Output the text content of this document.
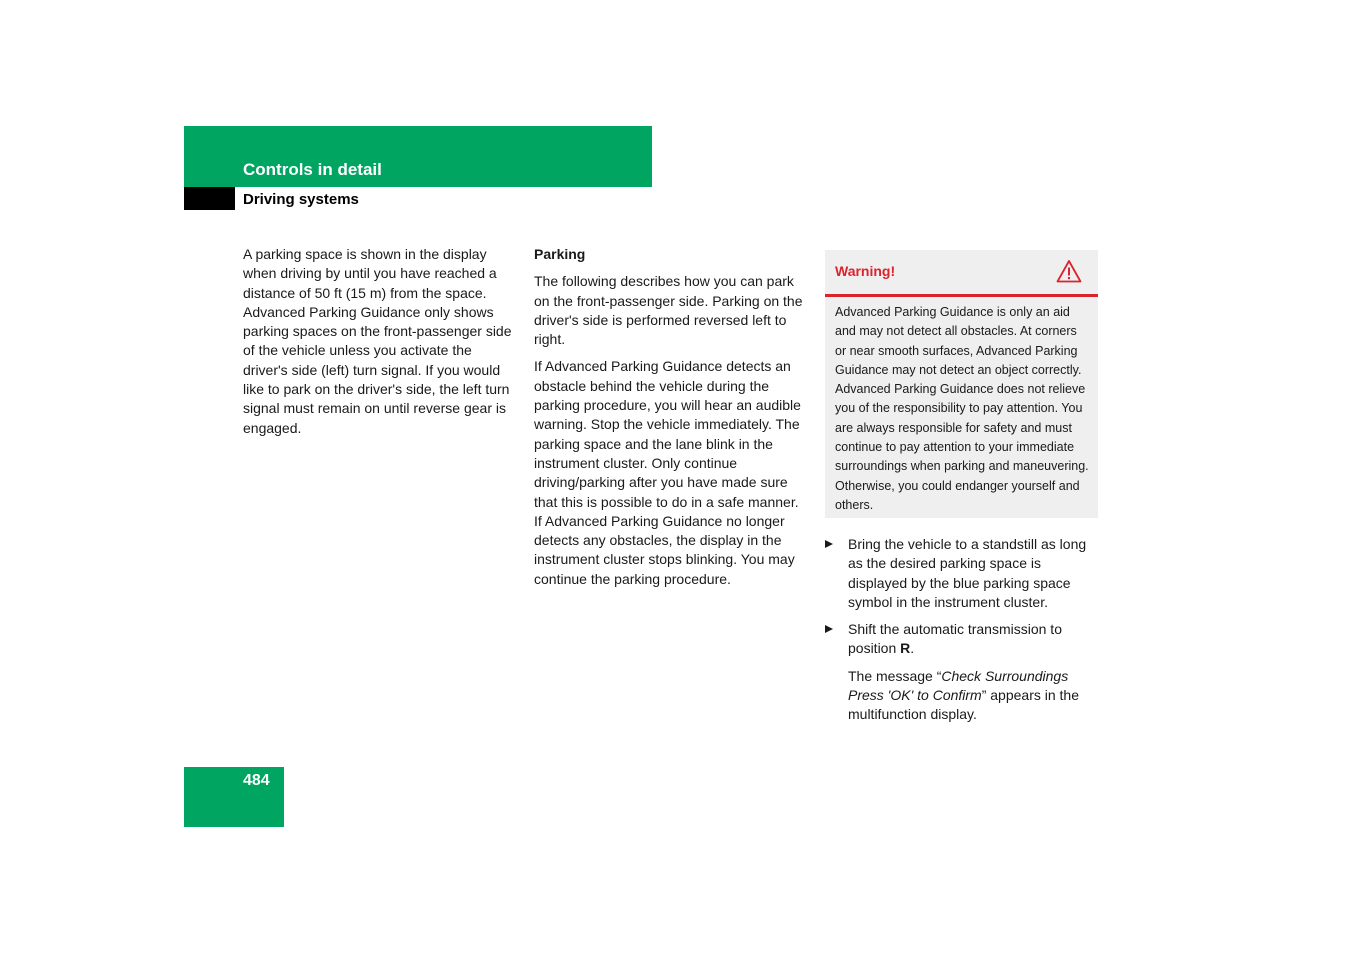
Controls in detail
Driving systems

A parking space is shown in the display when driving by until you have reached a distance of 50 ft (15 m) from the space. Advanced Parking Guidance only shows parking spaces on the front-passenger side of the vehicle unless you activate the driver's side (left) turn signal. If you would like to park on the driver's side, the left turn signal must remain on until reverse gear is engaged.

Parking

The following describes how you can park on the front-passenger side. Parking on the driver's side is performed reversed left to right.

If Advanced Parking Guidance detects an obstacle behind the vehicle during the parking procedure, you will hear an audible warning. Stop the vehicle immediately. The parking space and the lane blink in the instrument cluster. Only continue driving/parking after you have made sure that this is possible to do in a safe manner. If Advanced Parking Guidance no longer detects any obstacles, the display in the instrument cluster stops blinking. You may continue the parking procedure.

Warning!
Advanced Parking Guidance is only an aid and may not detect all obstacles. At corners or near smooth surfaces, Advanced Parking Guidance may not detect an object correctly. Advanced Parking Guidance does not relieve you of the responsibility to pay attention. You are always responsible for safety and must continue to pay attention to your immediate surroundings when parking and maneuvering. Otherwise, you could endanger yourself and others.
Bring the vehicle to a standstill as long as the desired parking space is displayed by the blue parking space symbol in the instrument cluster.
Shift the automatic transmission to position R.
The message “Check Surroundings Press 'OK' to Confirm” appears in the multifunction display.
484
